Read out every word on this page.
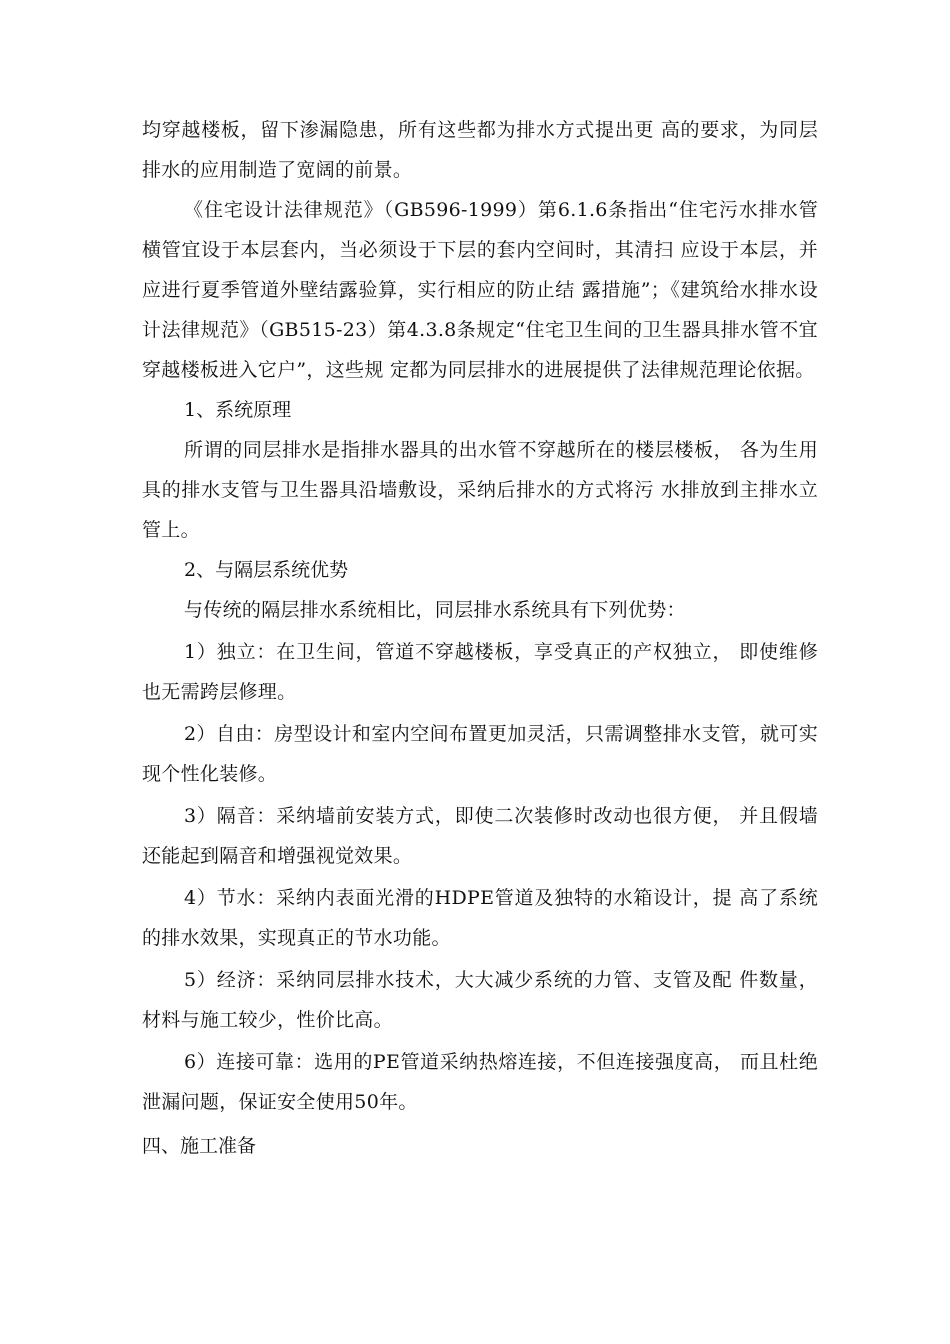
均穿越楼板，留下渗漏隐患，所有这些都为排水方式提出更 高的要求，为同层排水的应用制造了宽阔的前景。

《住宅设计法律规范》（GB596-1999）第6.1.6条指出“住宅污水排水管横管宜设于本层套内，当必须设于下层的套内空间时，其清扫 应设于本层，并应进行夏季管道外壁结露验算，实行相应的防止结 露措施”；《建筑给水排水设计法律规范》（GB515-23）第4.3.8条规定“住宅卫生间的卫生器具排水管不宜穿越楼板进入它户”，这些规 定都为同层排水的进展提供了法律规范理论依据。

1、系统原理

所谓的同层排水是指排水器具的出水管不穿越所在的楼层楼板， 各为生用具的排水支管与卫生器具沿墙敷设，采纳后排水的方式将污 水排放到主排水立管上。

2、与隔层系统优势

与传统的隔层排水系统相比，同层排水系统具有下列优势：

1）独立：在卫生间，管道不穿越楼板，享受真正的产权独立， 即使维修也无需跨层修理。

2）自由：房型设计和室内空间布置更加灵活，只需调整排水支管，就可实现个性化装修。

3）隔音：采纳墙前安装方式，即使二次装修时改动也很方便， 并且假墙还能起到隔音和增强视觉效果。

4）节水：采纳内表面光滑的HDPE管道及独特的水箱设计，提 高了系统的排水效果，实现真正的节水功能。

5）经济：采纳同层排水技术，大大减少系统的力管、支管及配 件数量，材料与施工较少，性价比高。

6）连接可靠：选用的PE管道采纳热熔连接，不但连接强度高， 而且杜绝泄漏问题，保证安全使用50年。

四、施工准备
